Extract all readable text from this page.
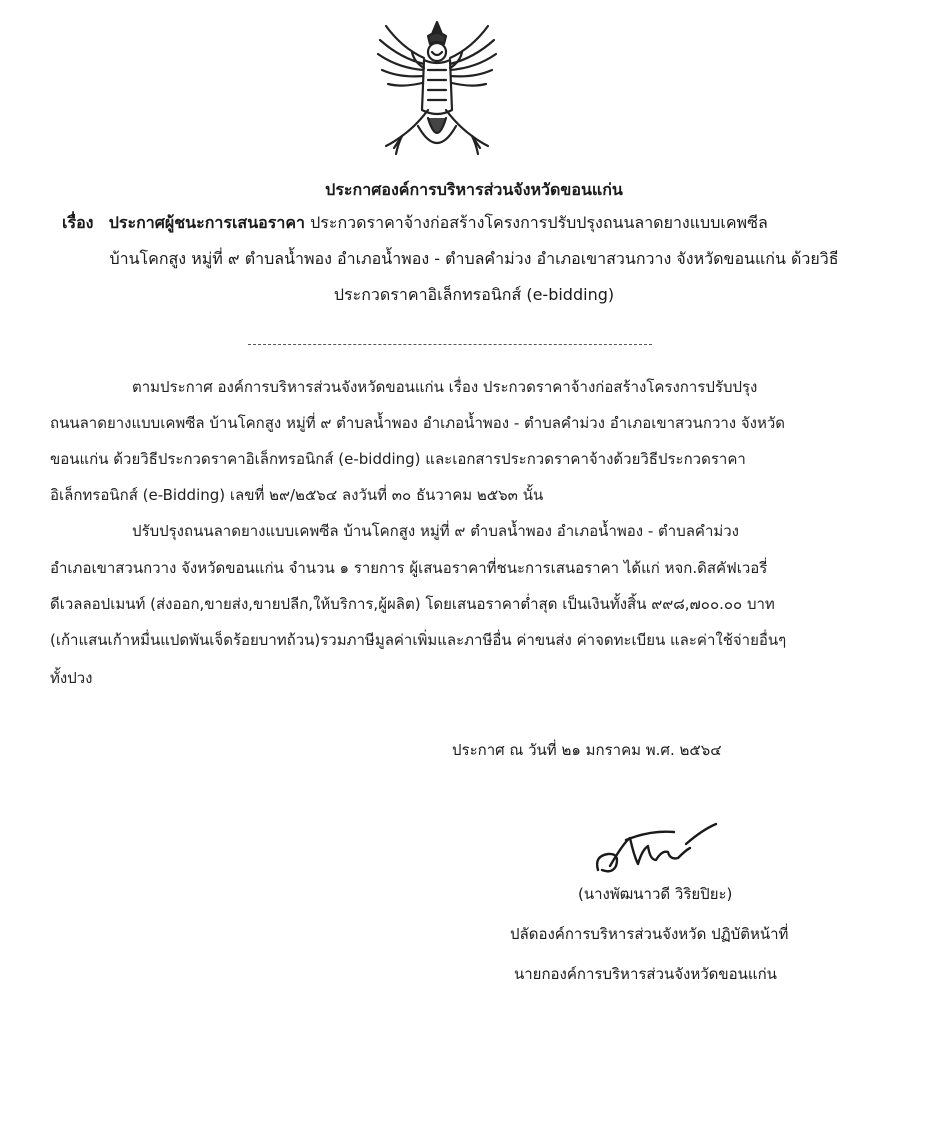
ประกาศองค์การบริหารส่วนจังหวัดขอนแก่น
เรื่อง ประกาศผู้ชนะการเสนอราคา ประกวดราคาจ้างก่อสร้างโครงการปรับปรุงถนนลาดยางแบบเคพซีล
บ้านโคกสูง หมู่ที่ ๙ ตำบลน้ำพอง อำเภอน้ำพอง - ตำบลคำม่วง อำเภอเขาสวนกวาง จังหวัดขอนแก่น ด้วยวิธี
ประกวดราคาอิเล็กทรอนิกส์ (e-bidding)
ตามประกาศ องค์การบริหารส่วนจังหวัดขอนแก่น เรื่อง ประกวดราคาจ้างก่อสร้างโครงการปรับปรุง
ถนนลาดยางแบบเคพซีล บ้านโคกสูง หมู่ที่ ๙ ตำบลน้ำพอง อำเภอน้ำพอง - ตำบลคำม่วง อำเภอเขาสวนกวาง จังหวัด
ขอนแก่น ด้วยวิธีประกวดราคาอิเล็กทรอนิกส์ (e-bidding) และเอกสารประกวดราคาจ้างด้วยวิธีประกวดราคา
อิเล็กทรอนิกส์ (e-Bidding) เลขที่ ๒๙/๒๕๖๔ ลงวันที่ ๓๐ ธันวาคม ๒๕๖๓ นั้น
ปรับปรุงถนนลาดยางแบบเคพซีล บ้านโคกสูง หมู่ที่ ๙ ตำบลน้ำพอง อำเภอน้ำพอง - ตำบลคำม่วง
อำเภอเขาสวนกวาง จังหวัดขอนแก่น จำนวน ๑ รายการ ผู้เสนอราคาที่ชนะการเสนอราคา ได้แก่ หจก.ดิสคัฟเวอรี่
ดีเวลลอปเมนท์ (ส่งออก,ขายส่ง,ขายปลีก,ให้บริการ,ผู้ผลิต) โดยเสนอราคาต่ำสุด เป็นเงินทั้งสิ้น ๙๙๘,๗๐๐.๐๐ บาท
(เก้าแสนเก้าหมื่นแปดพันเจ็ดร้อยบาทถ้วน)รวมภาษีมูลค่าเพิ่มและภาษีอื่น ค่าขนส่ง ค่าจดทะเบียน และค่าใช้จ่ายอื่นๆ
ทั้งปวง
ประกาศ ณ วันที่ ๒๑ มกราคม พ.ศ. ๒๕๖๔
(นางพัฒนาวดี วิริยปิยะ)
ปลัดองค์การบริหารส่วนจังหวัด ปฏิบัติหน้าที่
นายกองค์การบริหารส่วนจังหวัดขอนแก่น
